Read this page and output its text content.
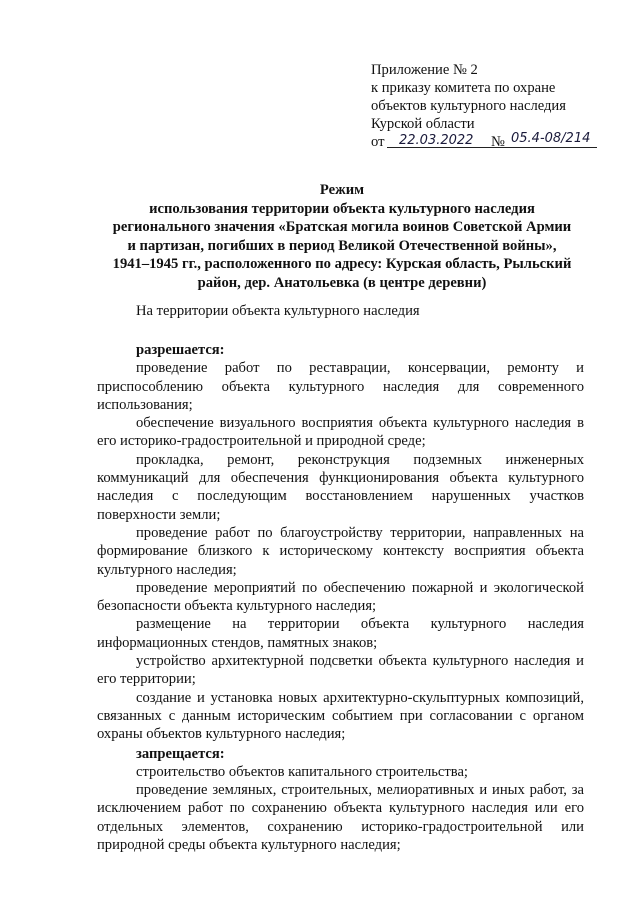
Приложение № 2
к приказу комитета по охране
объектов культурного наследия
Курской области
от 22.03.2022 № 05.4-08/214
Режим
использования территории объекта культурного наследия
регионального значения «Братская могила воинов Советской Армии
и партизан, погибших в период Великой Отечественной войны»,
1941–1945 гг., расположенного по адресу: Курская область, Рыльский
район, дер. Анатольевка (в центре деревни)
На территории объекта культурного наследия

разрешается:

проведение работ по реставрации, консервации, ремонту и приспособлению объекта культурного наследия для современного использования;

обеспечение визуального восприятия объекта культурного наследия в его историко-градостроительной и природной среде;

прокладка, ремонт, реконструкция подземных инженерных коммуникаций для обеспечения функционирования объекта культурного наследия с последующим восстановлением нарушенных участков поверхности земли;

проведение работ по благоустройству территории, направленных на формирование близкого к историческому контексту восприятия объекта культурного наследия;

проведение мероприятий по обеспечению пожарной и экологической безопасности объекта культурного наследия;

размещение на территории объекта культурного наследия информационных стендов, памятных знаков;

устройство архитектурной подсветки объекта культурного наследия и его территории;

создание и установка новых архитектурно-скульптурных композиций, связанных с данным историческим событием при согласовании с органом охраны объектов культурного наследия;

запрещается:

строительство объектов капитального строительства;

проведение земляных, строительных, мелиоративных и иных работ, за исключением работ по сохранению объекта культурного наследия или его отдельных элементов, сохранению историко-градостроительной или природной среды объекта культурного наследия;
